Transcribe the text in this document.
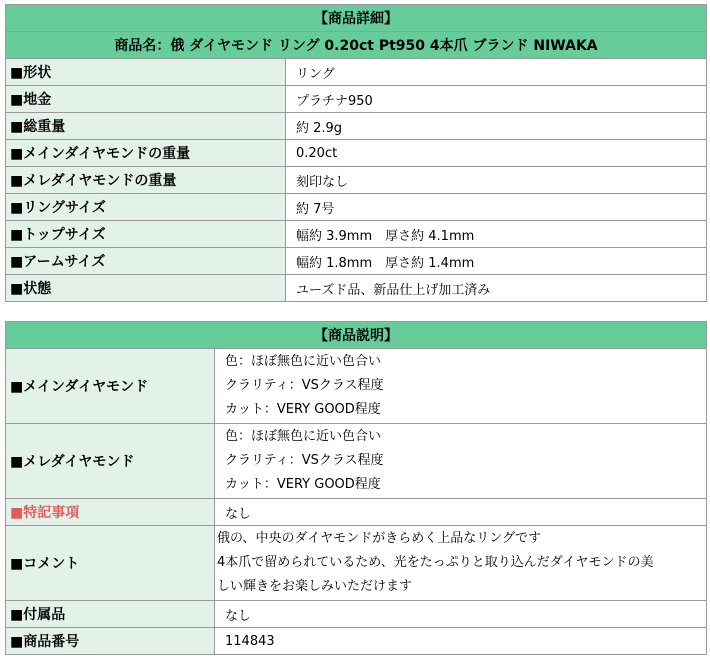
【商品詳細】	
商品名：俄 ダイヤモンド リング 0.20ct Pt950 4本爪 ブランド NIWAKA	
■形状	リング
■地金	プラチナ950
■総重量	約 2.9g
■メインダイヤモンドの重量	0.20ct
■メレダイヤモンドの重量	刻印なし
■リングサイズ	約 7号
■トップサイズ	幅約 3.9mm　厚さ約 4.1mm
■アームサイズ	幅約 1.8mm　厚さ約 1.4mm
■状態	ユーズド品、新品仕上げ加工済み
【商品説明】	
■メインダイヤモンド	色：ほぼ無色に近い色合い
クラリティ：VSクラス程度
カット：VERY GOOD程度

■メレダイヤモンド	色：ほぼ無色に近い色合い
クラリティ：VSクラス程度
カット：VERY GOOD程度

■特記事項	なし
■コメント	俄の、中央のダイヤモンドがきらめく上品なリングです
4本爪で留められているため、光をたっぷりと取り込んだダイヤモンドの美
しい輝きをお楽しみいただけます

■付属品	なし
■商品番号	114843
